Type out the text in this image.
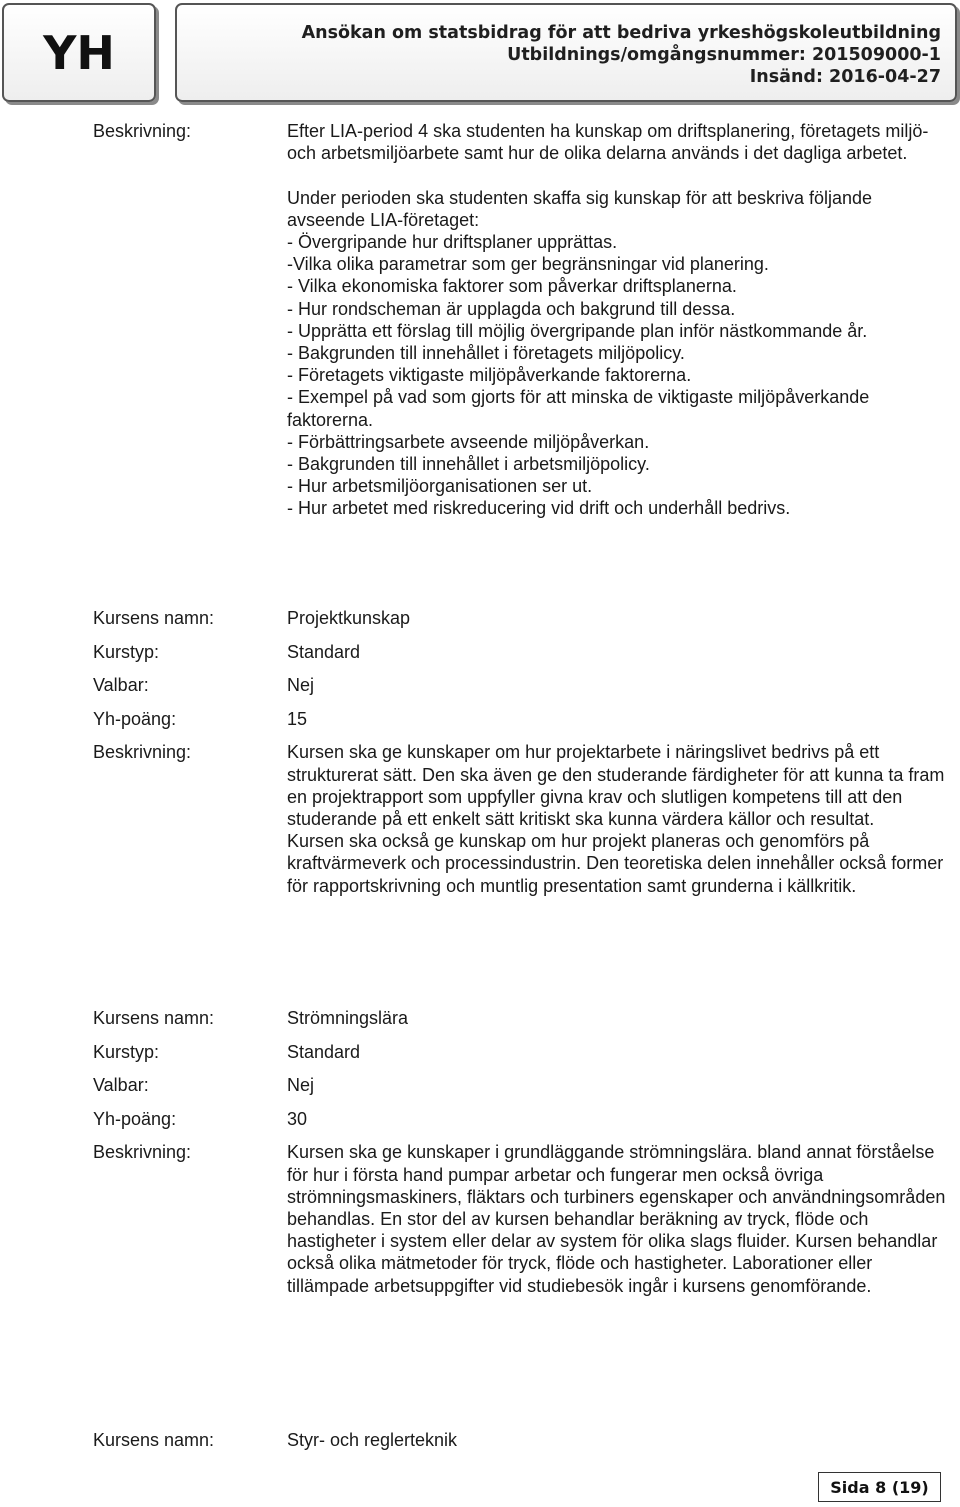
YH	Ansökan om statsbidrag för att bedriva yrkeshögskoleutbildning
Utbildnings/omgångsnummer: 201509000-1
Insänd: 2016-04-27
Beskrivning:	Efter LIA-period 4 ska studenten ha kunskap om driftsplanering, företagets miljö- och arbetsmiljöarbete samt hur de olika delarna används i det dagliga arbetet.

Under perioden ska studenten skaffa sig kunskap för att beskriva följande avseende LIA-företaget:
- Övergripande hur driftsplaner upprättas.
-Vilka olika parametrar som ger begränsningar vid planering.
- Vilka ekonomiska faktorer som påverkar driftsplanerna.
- Hur rondscheman är upplagda och bakgrund till dessa.
- Upprätta ett förslag till möjlig övergripande plan inför nästkommande år.
- Bakgrunden till innehållet i företagets miljöpolicy.
- Företagets viktigaste miljöpåverkande faktorerna.
- Exempel på vad som gjorts för att minska de viktigaste miljöpåverkande faktorerna.
- Förbättringsarbete avseende miljöpåverkan.
- Bakgrunden till innehållet i arbetsmiljöpolicy.
- Hur arbetsmiljöorganisationen ser ut.
- Hur arbetet med riskreducering vid drift och underhåll bedrivs.

Kursens namn:	Projektkunskap
Kurstyp:	Standard
Valbar:	Nej
Yh-poäng:	15
Beskrivning:	Kursen ska ge kunskaper om hur projektarbete i näringslivet bedrivs på ett strukturerat sätt. Den ska även ge den studerande färdigheter för att kunna ta fram en projektrapport som uppfyller givna krav och slutligen kompetens till att den studerande på ett enkelt sätt kritiskt ska kunna värdera källor och resultat.
Kursen ska också ge kunskap om hur projekt planeras och genomförs på kraftvärmeverk och processindustrin. Den teoretiska delen innehåller också former för rapportskrivning och muntlig presentation samt grunderna i källkritik.
Kursens namn:	Strömningslära
Kurstyp:	Standard
Valbar:	Nej
Yh-poäng:	30
Beskrivning:	Kursen ska ge kunskaper i grundläggande strömningslära. bland annat förståelse för hur i första hand pumpar arbetar och fungerar men också övriga strömningsmaskiners, fläktars och turbiners egenskaper och användningsområden behandlas. En stor del av kursen behandlar beräkning av tryck, flöde och hastigheter i system eller delar av system för olika slags fluider. Kursen behandlar också olika mätmetoder för tryck, flöde och hastigheter. Laborationer eller tillämpade arbetsuppgifter vid studiebesök ingår i kursens genomförande.
Kursens namn:	Styr- och reglerteknik
Sida 8 (19)
